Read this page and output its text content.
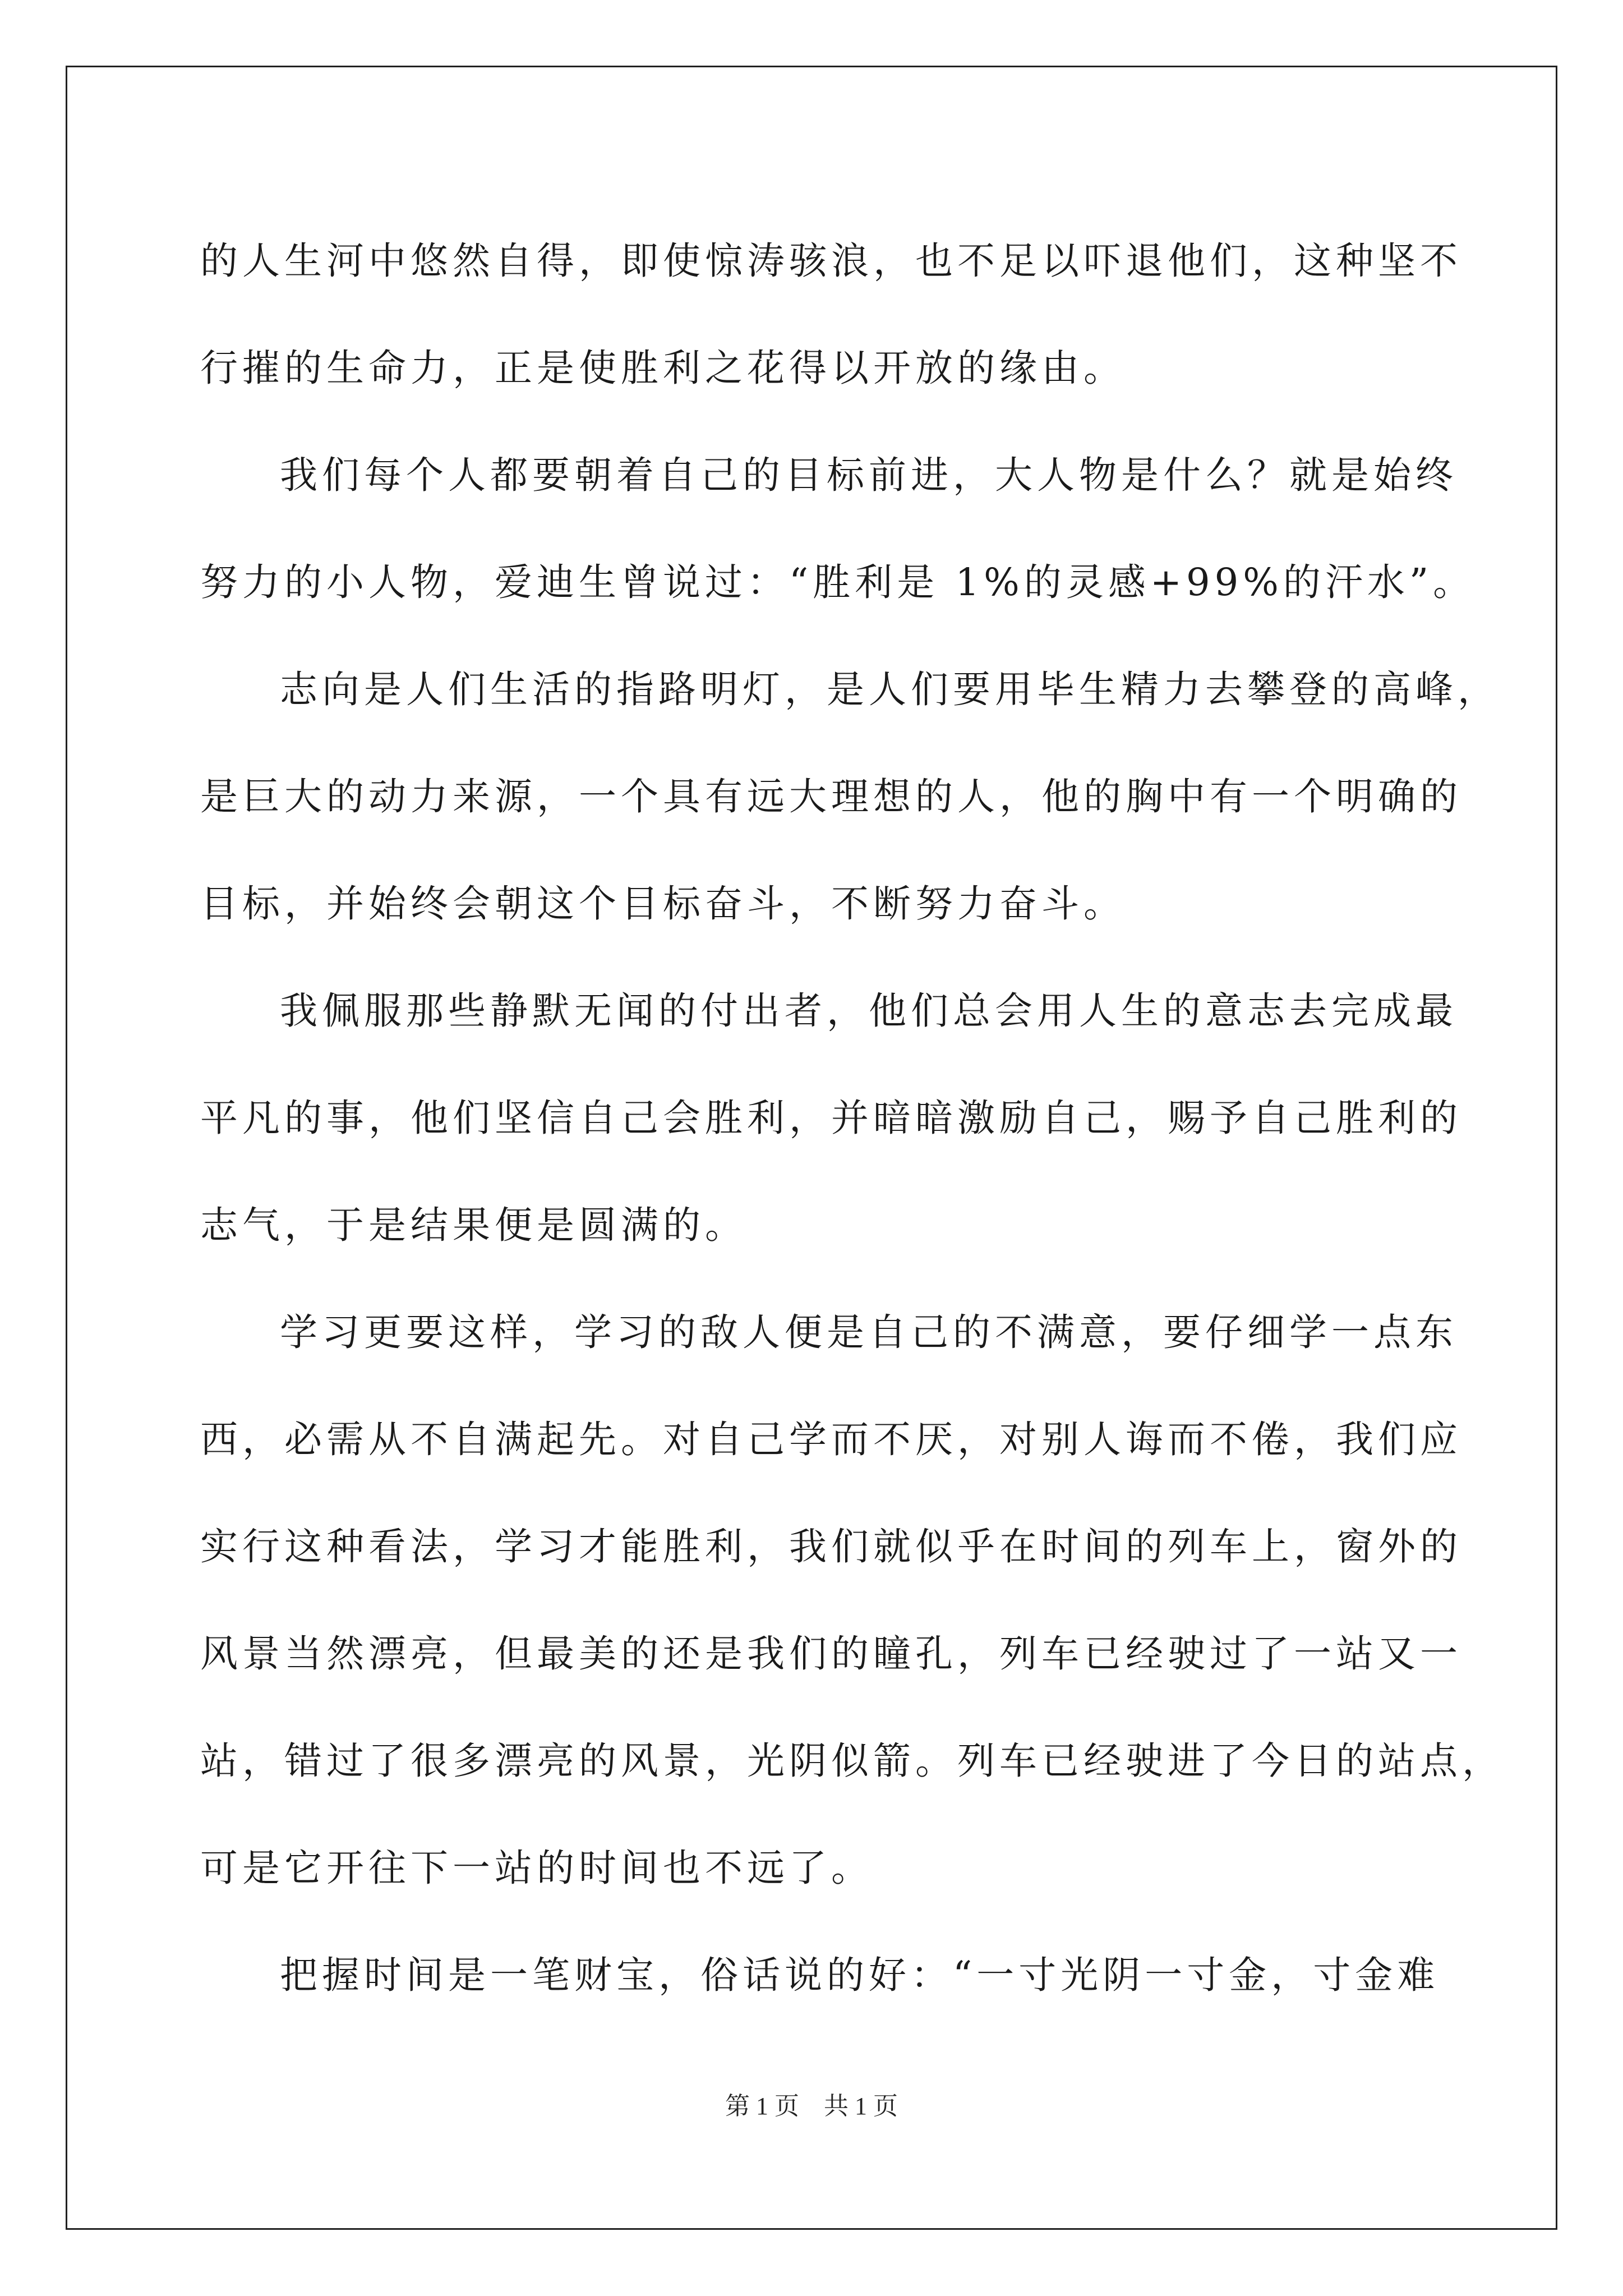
的人生河中悠然自得，即使惊涛骇浪，也不足以吓退他们，这种坚不
行摧的生命力，正是使胜利之花得以开放的缘由。
我们每个人都要朝着自己的目标前进，大人物是什么？就是始终
努力的小人物，爱迪生曾说过：“胜利是 1%的灵感+99%的汗水”。
志向是人们生活的指路明灯，是人们要用毕生精力去攀登的高峰，
是巨大的动力来源，一个具有远大理想的人，他的胸中有一个明确的
目标，并始终会朝这个目标奋斗，不断努力奋斗。
我佩服那些静默无闻的付出者，他们总会用人生的意志去完成最
平凡的事，他们坚信自己会胜利，并暗暗激励自己，赐予自己胜利的
志气，于是结果便是圆满的。
学习更要这样，学习的敌人便是自己的不满意，要仔细学一点东
西，必需从不自满起先。对自己学而不厌，对别人诲而不倦，我们应
实行这种看法，学习才能胜利，我们就似乎在时间的列车上，窗外的
风景当然漂亮，但最美的还是我们的瞳孔，列车已经驶过了一站又一
站，错过了很多漂亮的风景，光阴似箭。列车已经驶进了今日的站点，
可是它开往下一站的时间也不远了。
把握时间是一笔财宝，俗话说的好：“一寸光阴一寸金，寸金难
第 1 页　共 1 页
